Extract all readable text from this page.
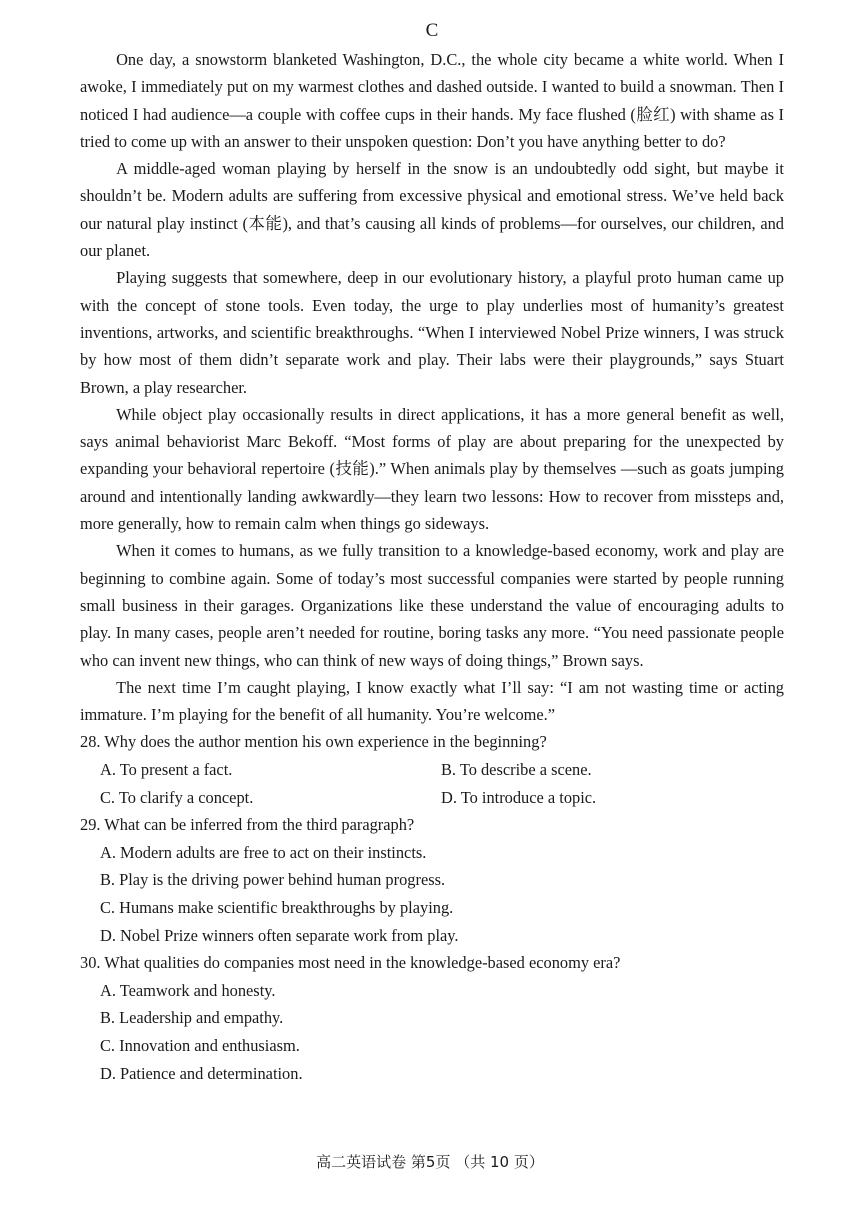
C

One day, a snowstorm blanketed Washington, D.C., the whole city became a white world. When I awoke, I immediately put on my warmest clothes and dashed outside. I wanted to build a snowman. Then I noticed I had audience—a couple with coffee cups in their hands. My face flushed (脸红) with shame as I tried to come up with an answer to their unspoken question: Don’t you have anything better to do?

A middle-aged woman playing by herself in the snow is an undoubtedly odd sight, but maybe it shouldn’t be. Modern adults are suffering from excessive physical and emotional stress. We’ve held back our natural play instinct (本能), and that’s causing all kinds of problems—for ourselves, our children, and our planet.

Playing suggests that somewhere, deep in our evolutionary history, a playful proto human came up with the concept of stone tools. Even today, the urge to play underlies most of humanity’s greatest inventions, artworks, and scientific breakthroughs. “When I interviewed Nobel Prize winners, I was struck by how most of them didn’t separate work and play. Their labs were their playgrounds,” says Stuart Brown, a play researcher.

While object play occasionally results in direct applications, it has a more general benefit as well, says animal behaviorist Marc Bekoff. “Most forms of play are about preparing for the unexpected by expanding your behavioral repertoire (技能).” When animals play by themselves —such as goats jumping around and intentionally landing awkwardly—they learn two lessons: How to recover from missteps and, more generally, how to remain calm when things go sideways.

When it comes to humans, as we fully transition to a knowledge-based economy, work and play are beginning to combine again. Some of today’s most successful companies were started by people running small business in their garages. Organizations like these understand the value of encouraging adults to play. In many cases, people aren’t needed for routine, boring tasks any more. “You need passionate people who can invent new things, who can think of new ways of doing things,” Brown says.

The next time I’m caught playing, I know exactly what I’ll say: “I am not wasting time or acting immature. I’m playing for the benefit of all humanity. You’re welcome.”

28. Why does the author mention his own experience in the beginning?

A. To present a fact.	B. To describe a scene.
C. To clarify a concept.	D. To introduce a topic.

29. What can be inferred from the third paragraph?

A. Modern adults are free to act on their instincts.

B. Play is the driving power behind human progress.

C. Humans make scientific breakthroughs by playing.

D. Nobel Prize winners often separate work from play.

30. What qualities do companies most need in the knowledge-based economy era?

A. Teamwork and honesty.

B. Leadership and empathy.

C. Innovation and enthusiasm.

D. Patience and determination.

高二英语试卷 第5页 （共 10 页）
